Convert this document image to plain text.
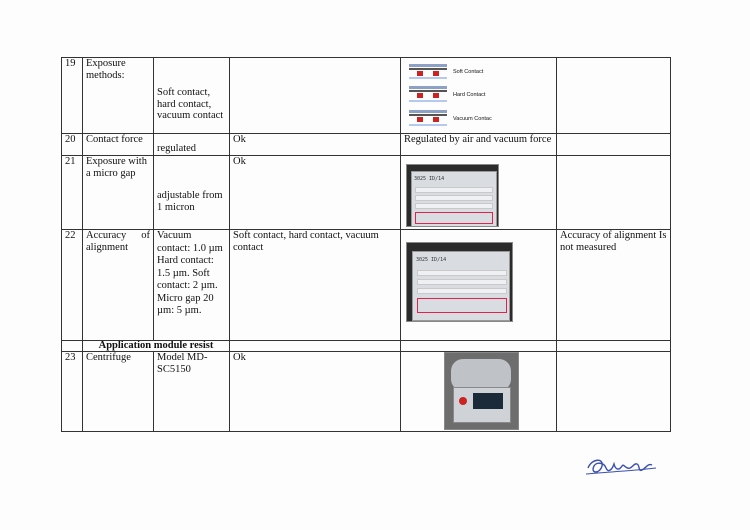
19	Exposure methods:	Soft contact, hard contact, vacuum contact		Soft Contact
Hard Contact
Vacuum Contac	

20	Contact force	regulated	Ok	Regulated by air and vacuum force	
21	Exposure with a micro gap	adjustable from 1 micron	Ok	3025 ID/14	

22	Accuracy of alignment	Vacuum contact: 1.0 µm Hard contact: 1.5 µm. Soft contact: 2 µm. Micro gap 20 µm: 5 µm.	Soft contact, hard contact, vacuum contact	3025 ID/14	Accuracy of alignment Is not measured
	Application module resist				
23	Centrifuge	Model MD-SC5150	Ok	
